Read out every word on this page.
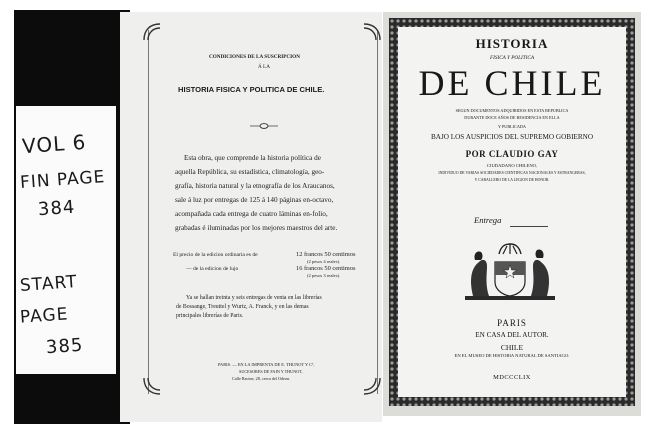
VOL 6
FIN PAGE
384
START
PAGE
385
CONDICIONES DE LA SUSCRIPCION
Á LA
HISTORIA FISICA Y POLITICA DE CHILE.
Esta obra, que comprende la historia política de
aquella República, su estadística, climatología, geo-
grafía, historia natural y la etnografía de los Araucanos,
sale á luz por entregas de 125 á 140 páginas en-octavo,
acompañada cada entrega de cuatro láminas en-folio,
grabadas é iluminadas por los mejores maestros del arte.
El precio de la edicion ordinaria es de	12 francos 50 centimos
(2 pesos 4 reales).
— de la edicion de lujo	16 francos 50 centimos
(2 pesos 3 reales).
Ya se hallan treinta y seis entregas de venta en las librerías
de Bossange, Treuttel y Wurtz, A. Franck, y en las demas
principales librerías de Paris.
PARIS. — EN LA IMPRENTA DE E. THUNOT Y Cª,
SUCESORES DE FAIN Y THUNOT,
Calle Racine, 28, cerca del Odeon.
HISTORIA
FISICA Y POLITICA
DE CHILE
SEGUN DOCUMENTOS ADQUIRIDOS EN ESTA REPUBLICA
DURANTE DOCE AÑOS DE RESIDENCIA EN ELLA
Y PUBLICADA
BAJO LOS AUSPICIOS DEL SUPREMO GOBIERNO
POR CLAUDIO GAY
CIUDADANO CHILENO,
INDIVIDUO DE VARIAS SOCIEDADES CIENTIFICAS NACIONALES Y ESTRANGERAS,
Y CABALLERO DE LA LEGION DE HONOR.
Entrega
PARIS
EN CASA DEL AUTOR.
CHILE
EN EL MUSEO DE HISTORIA NATURAL DE SANTIAGO.
MDCCCLIX
